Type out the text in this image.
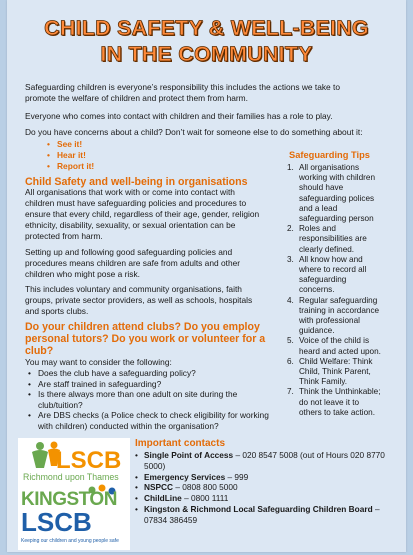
CHILD SAFETY & WELL-BEING
IN THE COMMUNITY

Safeguarding children is everyone’s responsibility this includes the actions we take to

promote the welfare of children and protect them from harm.

Everyone who comes into contact with children and their families has a role to play.

Do you have concerns about a child? Don’t wait for someone else to do something about it:

• See it!
• Hear it!
• Report it!
Child Safety and well-being in organisations

All organisations that work with or come into contact with

children must have safeguarding policies and procedures to

ensure that every child, regardless of their age, gender, religion

ethnicity, disability, sexuality, or sexual orientation can be

protected from harm.

Setting up and following good safeguarding policies and

procedures means children are safe from adults and other

children who might pose a risk.

This includes voluntary and community organisations, faith

groups, private sector providers, as well as schools, hospitals

and sports clubs.

Do your children attend clubs? Do you employ
personal tutors? Do you work or volunteer for a
club?

You may want to consider the following:

• Does the club have a safeguarding policy?
• Are staff trained in safeguarding?
• Is there always more than one adult on site during the
club/tuition?
• Are DBS checks (a Police check to check eligibility for working
with children) conducted within the organisation?
Safeguarding Tips
1. All organisations
working with children
should have
safeguarding polices
and a lead
safeguarding person
2. Roles and
responsibilities are
clearly defined.
3. All know how and
where to record all
safeguarding
concerns.
4. Regular safeguarding
training in accordance
with professional
guidance.
5. Voice of the child is
heard and acted upon.
6. Child Welfare: Think
Child, Think Parent,
Think Family.
7. Think the Unthinkable;
do not leave it to
others to take action.
LSCB
Richmond upon Thames
KINGSTON
LSCB
Keeping our children and young people safe
Important contacts
• Single Point of Access – 020 8547 5008 (out of Hours 020 8770
5000)
• Emergency Services – 999
• NSPCC – 0808 800 5000
• ChildLine – 0800 1111
• Kingston & Richmond Local Safeguarding Children Board –
07834 386459
